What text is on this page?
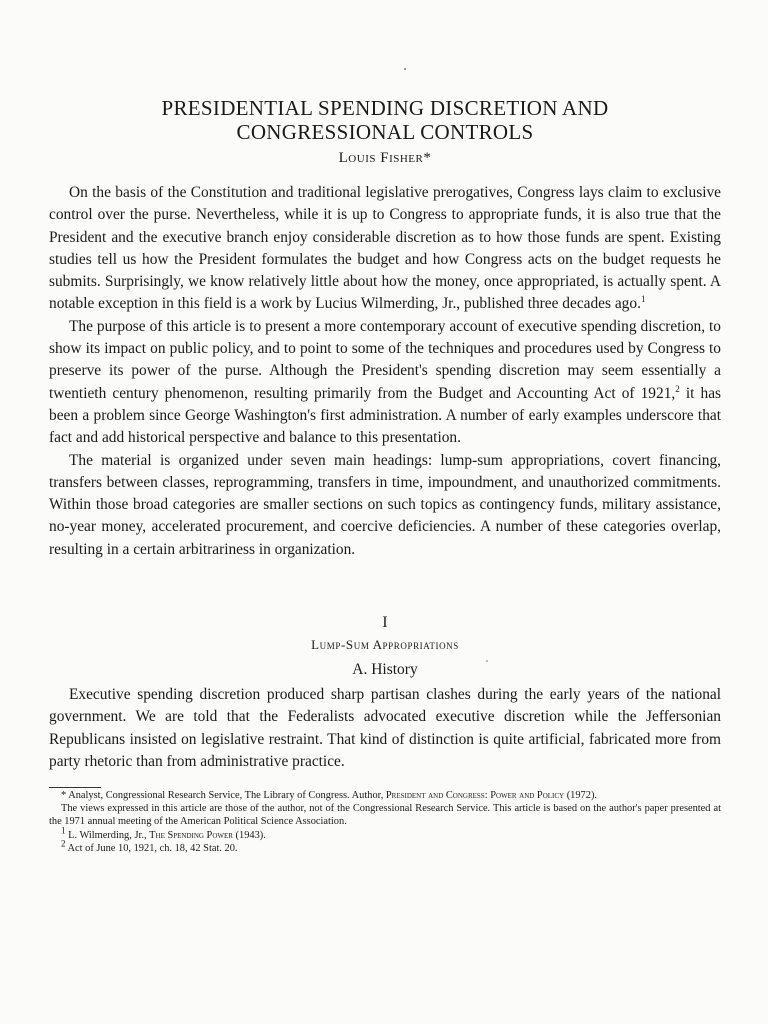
PRESIDENTIAL SPENDING DISCRETION AND
CONGRESSIONAL CONTROLS
Louis Fisher*

On the basis of the Constitution and traditional legislative prerogatives, Congress lays claim to exclusive control over the purse. Nevertheless, while it is up to Congress to appropriate funds, it is also true that the President and the executive branch enjoy considerable discretion as to how those funds are spent. Existing studies tell us how the President formulates the budget and how Congress acts on the budget requests he submits. Surprisingly, we know relatively little about how the money, once appropriated, is actually spent. A notable exception in this field is a work by Lucius Wilmerding, Jr., published three decades ago.$^1$

The purpose of this article is to present a more contemporary account of executive spending discretion, to show its impact on public policy, and to point to some of the techniques and procedures used by Congress to preserve its power of the purse. Although the President's spending discretion may seem essentially a twentieth century phenomenon, resulting primarily from the Budget and Accounting Act of 1921,$^2$ it has been a problem since George Washington's first administration. A number of early examples underscore that fact and add historical perspective and balance to this presentation.

The material is organized under seven main headings: lump-sum appropriations, covert financing, transfers between classes, reprogramming, transfers in time, impoundment, and unauthorized commitments. Within those broad categories are smaller sections on such topics as contingency funds, military assistance, no-year money, accelerated procurement, and coercive deficiencies. A number of these categories overlap, resulting in a certain arbitrariness in organization.

I
Lump-Sum Appropriations
A. History

Executive spending discretion produced sharp partisan clashes during the early years of the national government. We are told that the Federalists advocated executive discretion while the Jeffersonian Republicans insisted on legislative restraint. That kind of distinction is quite artificial, fabricated more from party rhetoric than from administrative practice.

* Analyst, Congressional Research Service, The Library of Congress. Author, President and Congress: Power and Policy (1972).

The views expressed in this article are those of the author, not of the Congressional Research Service. This article is based on the author's paper presented at the 1971 annual meeting of the American Political Science Association.

$^1$ L. Wilmerding, Jr., The Spending Power (1943).

$^2$ Act of June 10, 1921, ch. 18, 42 Stat. 20.
